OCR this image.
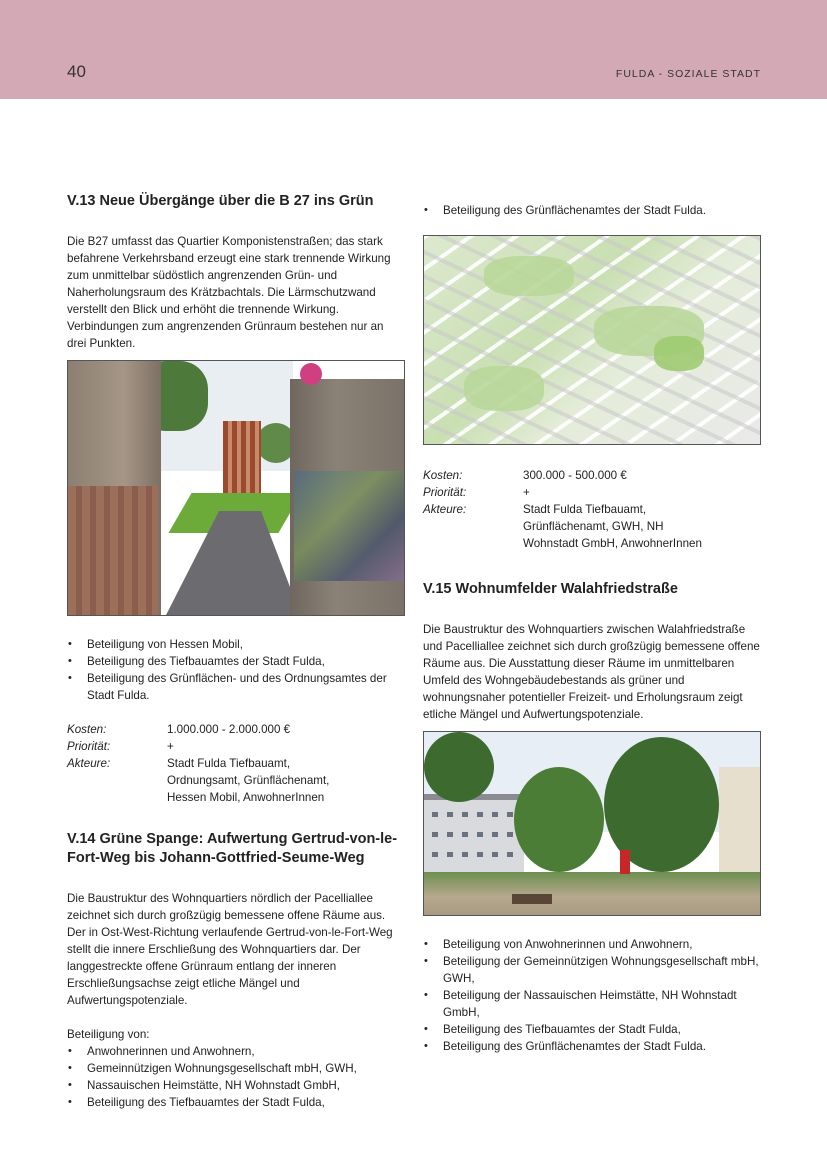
40	FULDA - SOZIALE STADT
V.13 Neue Übergänge über die B 27 ins Grün

Die B27 umfasst das Quartier Komponistenstraßen; das stark befahrene Verkehrsband erzeugt eine stark trennende Wirkung zum unmittelbar südöstlich angrenzenden Grün- und Naherholungsraum des Krätzbachtals. Die Lärmschutzwand verstellt den Blick und erhöht die trennende Wirkung. Verbindungen zum angrenzenden Grünraum bestehen nur an drei Punkten.

• Beteiligung von Hessen Mobil,
• Beteiligung des Tiefbauamtes der Stadt Fulda,
• Beteiligung des Grünflächen- und des Ordnungsamtes der Stadt Fulda.
Kosten:	1.000.000 - 2.000.000 €
Priorität:	+
Akteure:	Stadt Fulda Tiefbauamt, Ordnungsamt, Grünflächenamt, Hessen Mobil, AnwohnerInnen
V.14 Grüne Spange: Aufwertung Gertrud-von-le-Fort-Weg bis Johann-Gottfried-Seume-Weg

Die Baustruktur des Wohnquartiers nördlich der Pacelliallee zeichnet sich durch großzügig bemessene offene Räume aus. Der in Ost-West-Richtung verlaufende Gertrud-von-le-Fort-Weg stellt die innere Erschließung des Wohnquartiers dar. Der langgestreckte offene Grünraum entlang der inneren Erschließungsachse zeigt etliche Mängel und Aufwertungspotenziale.

Beteiligung von:

• Anwohnerinnen und Anwohnern,
• Gemeinnützigen Wohnungsgesellschaft mbH, GWH,
• Nassauischen Heimstätte, NH Wohnstadt GmbH,
• Beteiligung des Tiefbauamtes der Stadt Fulda,
• Beteiligung des Grünflächenamtes der Stadt Fulda.
Kosten:	300.000 - 500.000 €
Priorität:	+
Akteure:	Stadt Fulda Tiefbauamt, Grünflächenamt, GWH, NH Wohnstadt GmbH, AnwohnerInnen
V.15 Wohnumfelder Walahfriedstraße

Die Baustruktur des Wohnquartiers zwischen Walahfriedstraße und Pacelliallee zeichnet sich durch großzügig bemessene offene Räume aus. Die Ausstattung dieser Räume im unmittelbaren Umfeld des Wohngebäudebestands als grüner und wohnungsnaher potentieller Freizeit- und Erholungsraum zeigt etliche Mängel und Aufwertungspotenziale.

• Beteiligung von Anwohnerinnen und Anwohnern,
• Beteiligung der Gemeinnützigen Wohnungsgesellschaft mbH, GWH,
• Beteiligung der Nassauischen Heimstätte, NH Wohnstadt GmbH,
• Beteiligung des Tiefbauamtes der Stadt Fulda,
• Beteiligung des Grünflächenamtes der Stadt Fulda.
